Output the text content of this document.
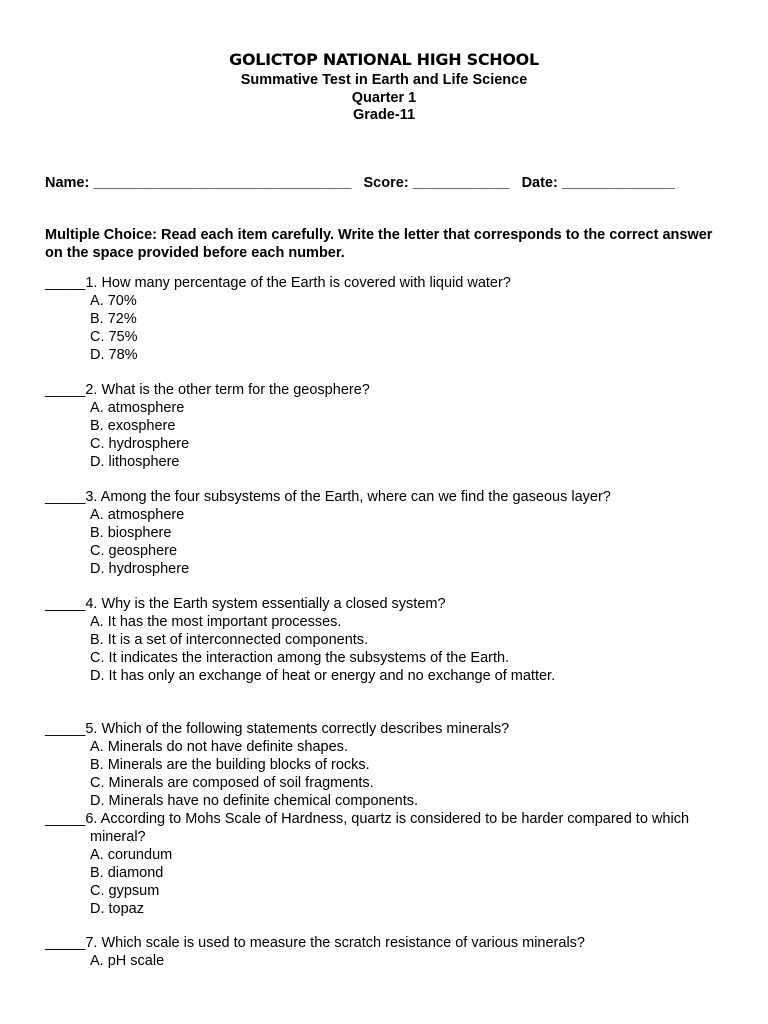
GOLICTOP NATIONAL HIGH SCHOOL
Summative Test in Earth and Life Science
Quarter 1
Grade-11
Name: ________________________________ Score: ____________ Date: ______________
Multiple Choice: Read each item carefully. Write the letter that corresponds to the correct answer on the space provided before each number.
_____1. How many percentage of the Earth is covered with liquid water?
A. 70%
B. 72%
C. 75%
D. 78%
_____2. What is the other term for the geosphere?
A. atmosphere
B. exosphere
C. hydrosphere
D. lithosphere
_____3. Among the four subsystems of the Earth, where can we find the gaseous layer?
A. atmosphere
B. biosphere
C. geosphere
D. hydrosphere
_____4. Why is the Earth system essentially a closed system?
A. It has the most important processes.
B. It is a set of interconnected components.
C. It indicates the interaction among the subsystems of the Earth.
D. It has only an exchange of heat or energy and no exchange of matter.
_____5. Which of the following statements correctly describes minerals?
A. Minerals do not have definite shapes.
B. Minerals are the building blocks of rocks.
C. Minerals are composed of soil fragments.
D. Minerals have no definite chemical components.
_____6. According to Mohs Scale of Hardness, quartz is considered to be harder compared to which
mineral?
A. corundum
B. diamond
C. gypsum
D. topaz
_____7. Which scale is used to measure the scratch resistance of various minerals?
A. pH scale
